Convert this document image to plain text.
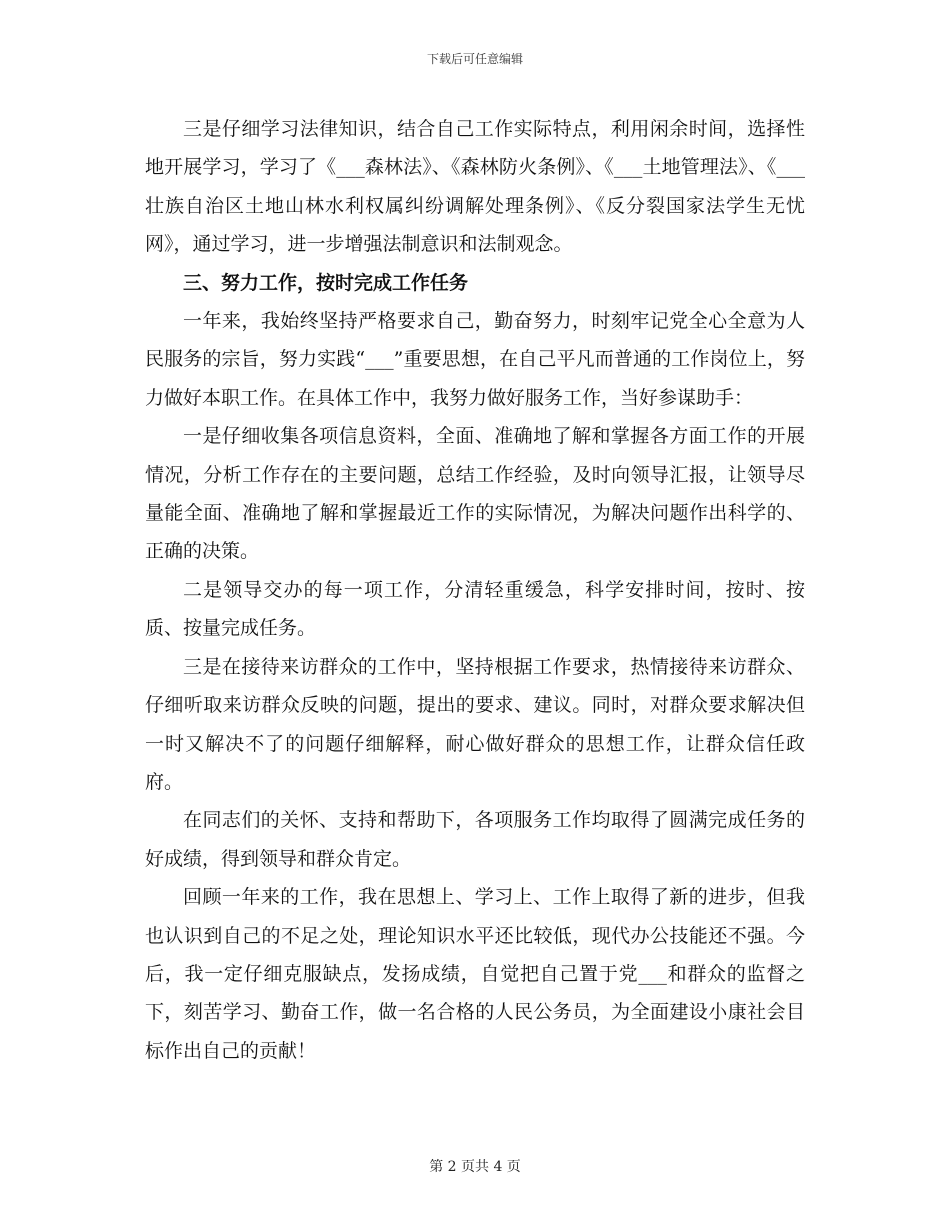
下载后可任意编辑

三是仔细学习法律知识，结合自己工作实际特点，利用闲余时间，选择性地开展学习，学习了《___森林法》、《森林防火条例》、《___土地管理法》、《___壮族自治区土地山林水利权属纠纷调解处理条例》、《反分裂国家法学生无忧网》，通过学习，进一步增强法制意识和法制观念。

三、努力工作，按时完成工作任务

一年来，我始终坚持严格要求自己，勤奋努力，时刻牢记党全心全意为人民服务的宗旨，努力实践“___”重要思想，在自己平凡而普通的工作岗位上，努力做好本职工作。在具体工作中，我努力做好服务工作，当好参谋助手：

一是仔细收集各项信息资料，全面、准确地了解和掌握各方面工作的开展情况，分析工作存在的主要问题，总结工作经验，及时向领导汇报，让领导尽量能全面、准确地了解和掌握最近工作的实际情况，为解决问题作出科学的、正确的决策。

二是领导交办的每一项工作，分清轻重缓急，科学安排时间，按时、按质、按量完成任务。

三是在接待来访群众的工作中，坚持根据工作要求，热情接待来访群众、仔细听取来访群众反映的问题，提出的要求、建议。同时，对群众要求解决但一时又解决不了的问题仔细解释，耐心做好群众的思想工作，让群众信任政府。

在同志们的关怀、支持和帮助下，各项服务工作均取得了圆满完成任务的好成绩，得到领导和群众肯定。

回顾一年来的工作，我在思想上、学习上、工作上取得了新的进步，但我也认识到自己的不足之处，理论知识水平还比较低，现代办公技能还不强。今后，我一定仔细克服缺点，发扬成绩，自觉把自己置于党___和群众的监督之下，刻苦学习、勤奋工作，做一名合格的人民公务员，为全面建设小康社会目标作出自己的贡献！

第 2 页共 4 页
